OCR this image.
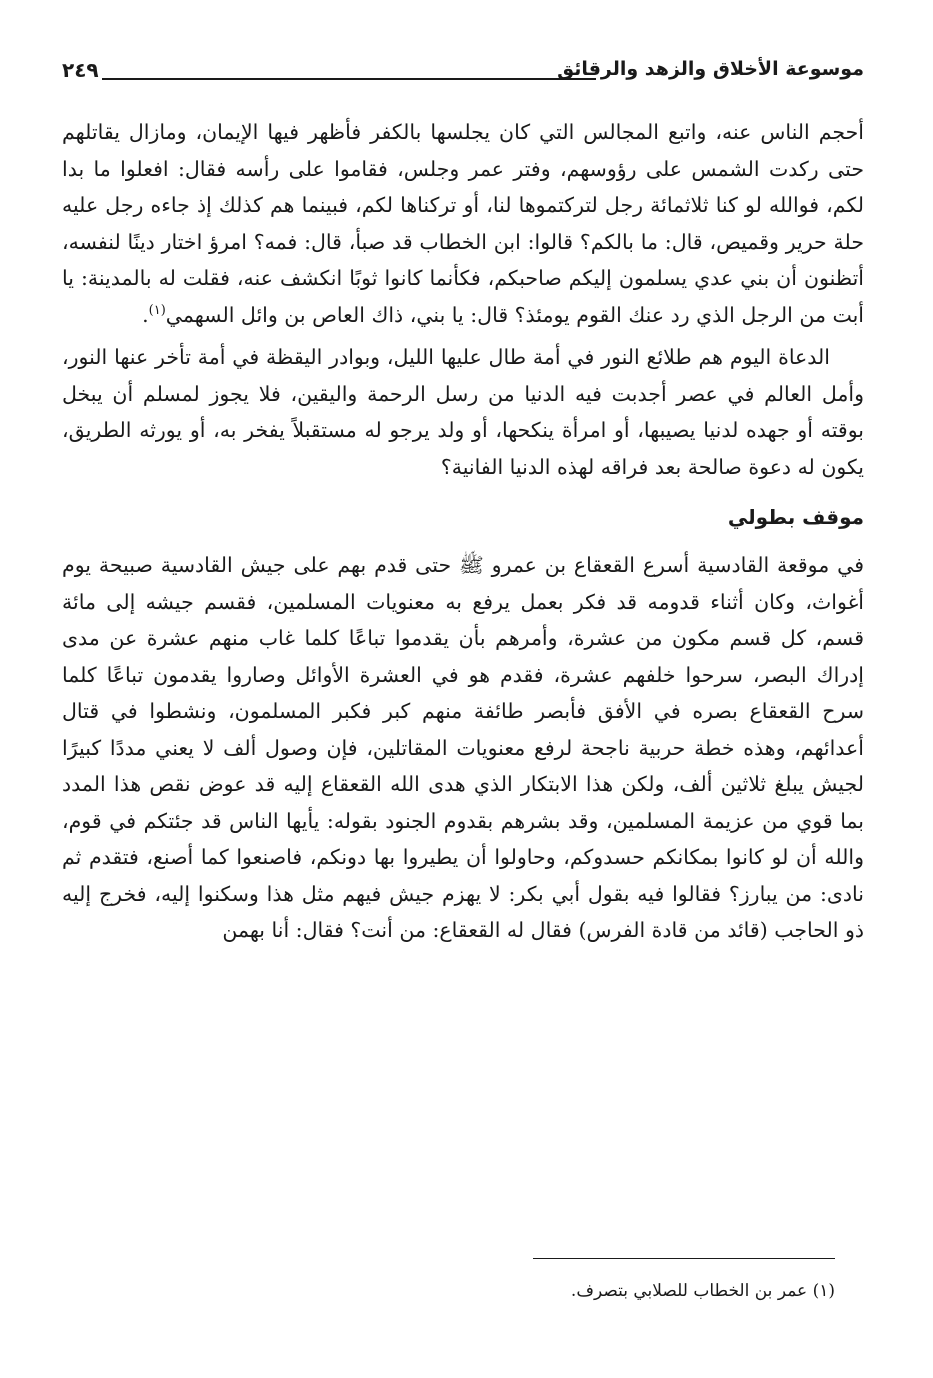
موسوعة الأخلاق والزهد والرقائق
٢٤٩

أحجم الناس عنه، واتبع المجالس التي كان يجلسها بالكفر فأظهر فيها الإيمان، ومازال يقاتلهم حتى ركدت الشمس على رؤوسهم، وفتر عمر وجلس، فقاموا على رأسه فقال: افعلوا ما بدا لكم، فوالله لو كنا ثلاثمائة رجل لتركتموها لنا، أو تركناها لكم، فبينما هم كذلك إذ جاءه رجل عليه حلة حرير وقميص، قال: ما بالكم؟ قالوا: ابن الخطاب قد صبأ، قال: فمه؟ امرؤ اختار دينًا لنفسه، أتظنون أن بني عدي يسلمون إليكم صاحبكم، فكأنما كانوا ثوبًا انكشف عنه، فقلت له بالمدينة: يا أبت من الرجل الذي رد عنك القوم يومئذ؟ قال: يا بني، ذاك العاص بن وائل السهمي$^{(١)}$.

الدعاة اليوم هم طلائع النور في أمة طال عليها الليل، وبوادر اليقظة في أمة تأخر عنها النور، وأمل العالم في عصر أجدبت فيه الدنيا من رسل الرحمة واليقين، فلا يجوز لمسلم أن يبخل بوقته أو جهده لدنيا يصيبها، أو امرأة ينكحها، أو ولد يرجو له مستقبلاً يفخر به، أو يورثه الطريق، يكون له دعوة صالحة بعد فراقه لهذه الدنيا الفانية؟

موقف بطولي

في موقعة القادسية أسرع القعقاع بن عمرو ﷺ حتى قدم بهم على جيش القادسية صبيحة يوم أغواث، وكان أثناء قدومه قد فكر بعمل يرفع به معنويات المسلمين، فقسم جيشه إلى مائة قسم، كل قسم مكون من عشرة، وأمرهم بأن يقدموا تباعًا كلما غاب منهم عشرة عن مدى إدراك البصر، سرحوا خلفهم عشرة، فقدم هو في العشرة الأوائل وصاروا يقدمون تباعًا كلما سرح القعقاع بصره في الأفق فأبصر طائفة منهم كبر فكبر المسلمون، ونشطوا في قتال أعدائهم، وهذه خطة حربية ناجحة لرفع معنويات المقاتلين، فإن وصول ألف لا يعني مددًا كبيرًا لجيش يبلغ ثلاثين ألف، ولكن هذا الابتكار الذي هدى الله القعقاع إليه قد عوض نقص هذا المدد بما قوي من عزيمة المسلمين، وقد بشرهم بقدوم الجنود بقوله: يأيها الناس قد جئتكم في قوم، والله أن لو كانوا بمكانكم حسدوكم، وحاولوا أن يطيروا بها دونكم، فاصنعوا كما أصنع، فتقدم ثم نادى: من يبارز؟ فقالوا فيه بقول أبي بكر: لا يهزم جيش فيهم مثل هذا وسكنوا إليه، فخرج إليه ذو الحاجب (قائد من قادة الفرس) فقال له القعقاع: من أنت؟ فقال: أنا بهمن

(١) عمر بن الخطاب للصلابي بتصرف.
